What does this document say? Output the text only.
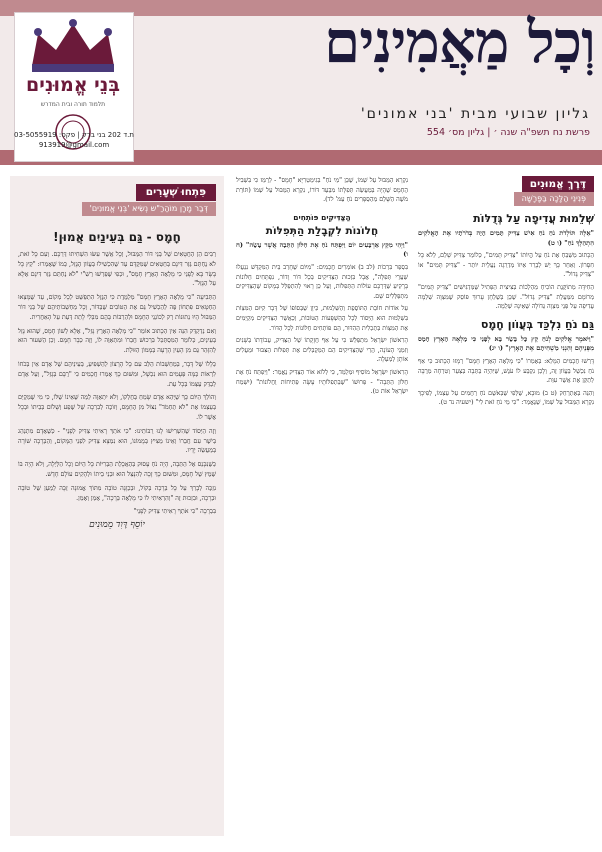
בְּנֵי אֱמוּנִים
תלמוד תורה ובית המדרש
וְכָל מַאֲמִינִים
גליון שבועי מבית 'בני אמונים'
פרשת נח תשפ"ה שנה ׳ | גליון מס׳ 554
ת.ד 202 בני ברק | פקס: 03-5055919
913919@gmail.com
דֶּרֶךְ אֱמוּנִים
פְּנִינֵי הַלָּכָה בַּפָּרָשָׁה
שְׁלֵמוּת עֲדִיפָה עַל גְּדֻלּוֹת

"אֵלֶּה תּוֹלְדֹת נֹחַ נֹחַ אִישׁ צַדִּיק תָּמִים הָיָה בְּדֹרֹתָיו אֶת הָאֱלֹקִים הִתְהַלֶּךְ נֹחַ" (ו ט)

הַכָּתוּב מְשַׁבֵּחַ אֶת נֹחַ עַל הֱיוֹתוֹ "צַדִּיק תָּמִים", כְּלוֹמַר צַדִּיק שָׁלֵם, לְלֹא כָּל חִסָּרוֹן. וְאַחַר כָּךְ יֵשׁ לְבָרֵר אֵיזוֹ מַדְרֵגָה נַעֲלֵית יוֹתֵר - "צַדִּיק תָּמִים" אוֹ "צַדִּיק גָּדוֹל".

הַחִידָּה מְתוֹקֶּנֶת הוֹכִיחַ מֵהַלְכוֹת בְּצִיצִית הַפְּתִיל שֶׁמַּדְגִּישִׁים "צַדִּיק תָּמִים" מְרוֹמָם מִמַּעֲלַת "צַדִּיק גָּדוֹל". שֶׁכֵּן בְּשֻׁלְחָן עָרוּךְ פּוֹסֵק שֶׁמִּצְוָה שְׁלֵמָה עֲדִיפָה עַל פְּנֵי מִצְוָה גְּדוֹלָה שֶׁאֵינָהּ שְׁלֵמָה.

גַּם נֹחַ נִלְכַּד בְּעֲוֹון חָמָס

"וַיֹּאמֶר אֱלֹקִים לְנֹחַ קֵץ כָּל בָּשָׂר בָּא לְפָנַי כִּי מָלְאָה הָאָרֶץ חָמָס מִפְּנֵיהֶם וְהִנְנִי מַשְׁחִיתָם אֶת הָאָרֶץ" (ו יג)

דָּרְשׁוּ חֲכָמִים הַמָּלֵא: בְּאֶמְרוֹ "כִּי מָלְאָה הָאָרֶץ חָמָס" רְמָזוּ הַכָּתוּב כִּי אַף נֹחַ נִכְשַׁל בַּעֲוֹון זֶה, וְלָכֵן נִקְבַּע לוֹ עֹנֶשׁ, שֶׁיִּהְיֶה בַּתֵּבָה בְּצַעַר וְטִרְחָה מְרֻבָּה לְתַקֵּן אֶת אֲשֶׁר עִוֵּת.

וְהִנֵּה בְּאֶתְרַחֵק (ט ב) מוּבָא, שֶׁלְּפִי שֶׁבְּאֹשֶׁם נֹחַ רַחֲמִים עַל עַצְמוֹ, לְפִיכָךְ נִקְרָא הַמַּבּוּל עַל שְׁמוֹ, שֶׁנֶּאֱמַר: "כִּי מֵי נֹחַ זֹאת לִי" (ישעיה נד ט).

נִקְרָא הַמַּבּוּל עַל שְׁמוֹ, שֶׁכֵּן "מֵי נֹחַ" בְּגִימַטְרִיָּא "חָמָס" - לְרַמֵּז כִּי בִּשְׁבִיל הֶחָמָס שֶׁהָיָה בְּמַעֲשֵׂה תְּפִלָּתוֹ מִבַּעַד דּוֹרוֹ, נִקְרָא הַמַּבּוּל עַל שְׁמוֹ (תּוֹרַת מֹשֶׁה הַשָּׁלֵם מֵהַסְּפָרִים נֹחַ עַמּ' לד).

הַצַּדִּיקִים פּוֹתְחִים
חֲלוֹנוֹת לִקְבָלַת הַתְּפִלּוֹת

"וַיְהִי מִקֵּץ אַרְבָּעִים יוֹם וַיִּפְתַּח נֹחַ אֶת חַלּוֹן הַתֵּבָה אֲשֶׁר עָשָׂה" (ח ו)

בִּסְפַר בִּרְכוֹת (לב ב) אוֹמְרִים חֲכָמִים: "מִיּוֹם שֶׁחָרַב בֵּית הַמִּקְדָּשׁ נִנְעֲלוּ שַׁעֲרֵי תְּפִלָּה", אֲבָל בִּזְכוּת הַצַּדִּיקִים בְּכָל דּוֹר וָדוֹר, נִפְתָּחִים חַלּוֹנוֹת בָּרָקִיעַ שֶׁדַּרְכָּם עוֹלוֹת הַתְּפִלּוֹת, וְעַל כֵּן רָאוּי לְהִתְפַּלֵּל בְּמָקוֹם שֶׁהַצַּדִּיקִים מִתְפַּלְּלִים שָׁם.

עַל אוֹדוֹת חוֹבַת הַתּוֹסֶפֶת וְהַשְּׁלֵמוּת, כֵּיוָן שֶׁבְּסוֹפוֹ שֶׁל דָּבָר קִיּוּם הַמִּצְוֹת בִּשְׁלֵמוּת הוּא הַיְּסוֹד לְכָל הַהַשְׁפָּעוֹת הַטּוֹבוֹת, וְכַאֲשֶׁר הַצַּדִּיקִים מְקַיְּמִים אֶת הַמִּצְוֹת בְּתַכְלִית הַהִדּוּר, הֵם פּוֹתְחִים חַלּוֹנוֹת לְכָל הַדּוֹר.

הָרִאשׁוֹן יִשְׂרָאֵל מִתְפַּלְּשׁ כִּי עַל אַף חֲזָקָתוֹ שֶׁל הַצַּדִּיק, עֲבוֹדָתוֹ בְּשָׁנִים וְזִמְנֵי הָעוֹנָה, הֲרֵי שֶׁהַצַּדִּיקִים הֵם הַמְּקַבְּלִים אֶת תְּפִלּוֹת הַצִּבּוּר וּמַעֲלִים אוֹתָן לְמַעְלָה.

הָרִאשׁוֹן יִשְׂרָאֵל מוֹסִיף וּמְלַמֵּד, כִּי לְלוֹא אוֹר הַצַּדִּיק נֶאֱמַר: "וַיִּפְתַּח נֹחַ אֶת חַלּוֹן הַתֵּבָה" - פֵּרוּשׁוֹ "שֶׁבְּתְפִלּוֹתָיו עָשָׂה פְּתִיחוֹת וַחֲלוֹנוֹת" (יִשְׁמַח יִשְׂרָאֵל אוֹת ט).

פִּתְחוּ שְׁעָרִים
דְּבַר מָרָן מוֹהַרַ"ש נְשִׂיא 'בְּנֵי אֱמוּנִים'
חָמָס - גַּם בְּעֵינַיִם אֲמוּן!

רַבִּים הֵן הַחֲטָאִים שֶׁל בְּנֵי דּוֹר הַמַּבּוּל, וְכָל אֲשֶׁר עִשּׂוּ הִשְׁחִיתוּ דַּרְכָּם. וְעִם כָּל זֹאת, לֹא נֶחְתַּם גְּזַר דִּינָם בְּחַטְאִים שֶׁמִּקֻּדָּם עַד שֶׁהִכְשִׁילוּ בְּעֲוֹון הֶגָּזֵל, כְּמוֹ שֶׁאָמְרוּ: "קֵץ כָּל בָּשָׂר בָּא לְפָנַי כִּי מָלְאָה הָאָרֶץ חָמָס", וּכְפִי שֶׁפֵּרְשׁוּ רַשִׁ"י "לֹא נֶחְתַּם גְּזַר דִּינָם אֶלָּא עַל הַגָּזֵל".

הַתְּבִיעָה "כִּי מָלְאָה הָאָרֶץ חָמָס" מְלַמֶּדֶת כִּי הַגֶּזֶל הִתְפַּשֵּׁט לְכָל מְקוֹם, עַד שֶׁמָּצְאוּ הַחַטָּאִים פִּתְחוֹן פֶּה לְהַכְשִׁיל גַּם אֶת הַטּוֹבִים שֶׁבַּדּוֹר, וְכָל מַחְשְׁבוֹתֵיהֶם שֶׁל בְּנֵי דּוֹר הַמַּבּוּל הָיוּ נְתוּנוֹת רַק לְכוֹנְנֵי הַחָמָס וּלְהַרְבּוֹת בָּהֶם מִבְּלִי לָתֵת דַּעַת עַל הָאַחֲרִית.

וְאִם נְדַקְדֵּק הִנֵּה אֵין הַכָּתוּב אוֹמֵר "כִּי מָלְאָה הָאָרֶץ גָּזֵל", אֶלָּא לְשׁוֹן חָמָס, שֶׁהוּא גָּזֵל בְּעֵינַיִם, כְּלוֹמַר הַמִּסְתַּכֵּל בִּרְכוּשׁ חֲבֵרוֹ וּמִתְאַוֶּה לוֹ, וְזֶה כְּבָר חָמָס. וְכֵן הַשִּׁעוּר הוּא לְהִזָּהֵר גַּם מִן הָעַיִן הָרָעָה בְּמָמוֹן הַזּוּלַת.

כְּלָלוֹ שֶׁל דָּבָר, בְּמַחְשְׁבוֹת הַלֵּב עִם כָּל הָרָצוֹן לְהַשְׁפִּיעַ, בְּעֵינֵיהֶם שֶׁל אָדָם אֵין בְּכֹחוֹ לִרְאוֹת כַּמָּה פְּעָמִים הוּא נִכְשָׁל, וּמִשּׁוּם כָּךְ אָמְרוּ חֲכָמִים כִּי "רֻבָּם בְּגָזֵל", וְעַל אָדָם לְבַדֵּק עַצְמוֹ בְּכָל עֵת.

וְהוֹלֵךְ הַיּוֹם כָּךְ שֶׁיְּהֵא אָדָם שָׂמֵחַ בְּחֶלְקוֹ, וְלֹא יִתְאַוֶּה לְמַה שֶּׁאֵינוֹ שֶׁלּוֹ, כִּי מִי שֶׁמְּקַיֵּם בְּעַצְמוֹ אֶת "לֹא תַחְמֹד" נִצּוֹל מִן הֶחָמָס, וְזוֹכֶה לְבִרְכָה שֶׁל שֶׁפַע וְשָׁלוֹם בְּבֵיתוֹ וּבְכָל אֲשֶׁר לוֹ.

וְזֶה הַיְּסוֹד שֶׁהִשְׁרִישׁוּ לָנוּ רַבּוֹתֵינוּ: "כִּי אֹתְךָ רָאִיתִי צַדִּיק לְפָנַי" - כְּשֶׁאָדָם מִתְנַהֵג בְּיֹשֶׁר עִם חֲבֵרוֹ וְאֵינוֹ מֵצִיץ בְּמָמוֹנוֹ, הוּא נִמְצָא צַדִּיק לִפְנֵי הַמָּקוֹם, וְהַבְּרָכָה שׁוֹרָה בְּמַעֲשֵׂה יָדָיו.

כְּשֶׁנִּכָּנֵס אֶל הַתֵּבָה, הָיָה נֹחַ עָסוּק בְּהַאֲכָלַת הַבְּרִיּוֹת כָּל הַיּוֹם וְכָל הַלַּיְלָה, וְלֹא הָיָה בּוֹ שֶׁמֶץ שֶׁל חָמָס, וּמִשּׁוּם כָּךְ זָכָה לְהִנָּצֵל הוּא וּבְנֵי בֵיתוֹ וּלְהָקִים עוֹלָם חָדָשׁ.

נִזְכֶּה לְבָרֵךְ עַל כָּל בְּרָכָה בְּקוֹל, וּבְכַוָּנָה טוֹבָה מִתּוֹךְ אֱמוּנָה זַכָּה לְמַעַן שֶׁל טוֹבָה וּבְרָכָה, וּבִזְכוּת זֶה "וְהִרְאִיתִי לוֹ כִּי מָלְאָה בְּרָכָה", אָמֵן וְאָמֵן.

בִּבְרָכָה "כִּי אֹתְךָ רָאִיתִי צַדִּיק לְפָנַי"

יוֹסֵף דָּוִד מֵמוּנִים
